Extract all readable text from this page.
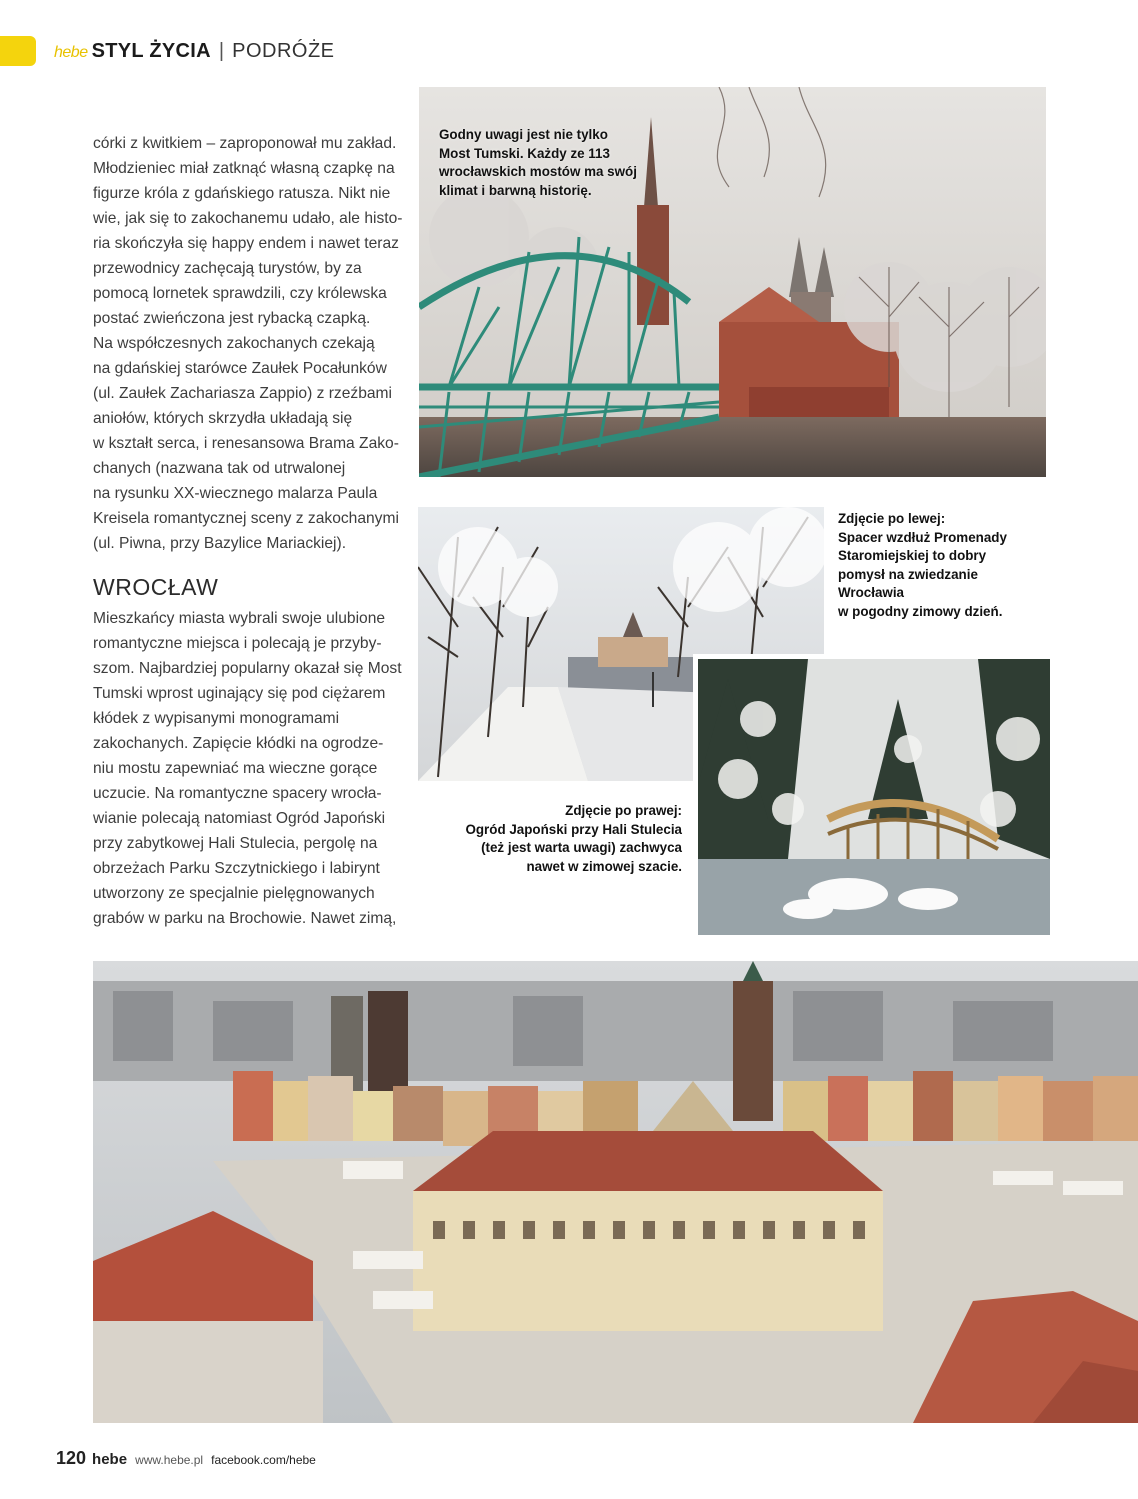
hebe STYL ŻYCIA | PODRÓŻE

córki z kwitkiem – zaproponował mu zakład.

Młodzieniec miał zatknąć własną czapkę na

figurze króla z gdańskiego ratusza. Nikt nie

wie, jak się to zakochanemu udało, ale histo-

ria skończyła się happy endem i nawet teraz

przewodnicy zachęcają turystów, by za

pomocą lornetek sprawdzili, czy królewska

postać zwieńczona jest rybacką czapką.

Na współczesnych zakochanych czekają

na gdańskiej starówce Zaułek Pocałunków

(ul. Zaułek Zachariasza Zappio) z rzeźbami

aniołów, których skrzydła układają się

w kształt serca, i renesansowa Brama Zako-

chanych (nazwana tak od utrwalonej

na rysunku XX-wiecznego malarza Paula

Kreisela romantycznej sceny z zakochanymi

(ul. Piwna, przy Bazylice Mariackiej).

WROCŁAW

Mieszkańcy miasta wybrali swoje ulubione

romantyczne miejsca i polecają je przyby-

szom. Najbardziej popularny okazał się Most

Tumski wprost uginający się pod ciężarem

kłódek z wypisanymi monogramami

zakochanych. Zapięcie kłódki na ogrodze-

niu mostu zapewniać ma wieczne gorące

uczucie. Na romantyczne spacery wrocła-

wianie polecają natomiast Ogród Japoński

przy zabytkowej Hali Stulecia, pergolę na

obrzeżach Parku Szczytnickiego i labirynt

utworzony ze specjalnie pielęgnowanych

grabów w parku na Brochowie. Nawet zimą,

Godny uwagi jest nie tylko
Most Tumski. Każdy ze 113
wrocławskich mostów ma swój
klimat i barwną historię.
Zdjęcie po lewej:
Spacer wzdłuż Promenady
Staromiejskiej to dobry
pomysł na zwiedzanie
Wrocławia
w pogodny zimowy dzień.
Zdjęcie po prawej:
Ogród Japoński przy Hali Stulecia
(też jest warta uwagi) zachwyca
nawet w zimowej szacie.
120 hebe www.hebe.pl facebook.com/hebe
